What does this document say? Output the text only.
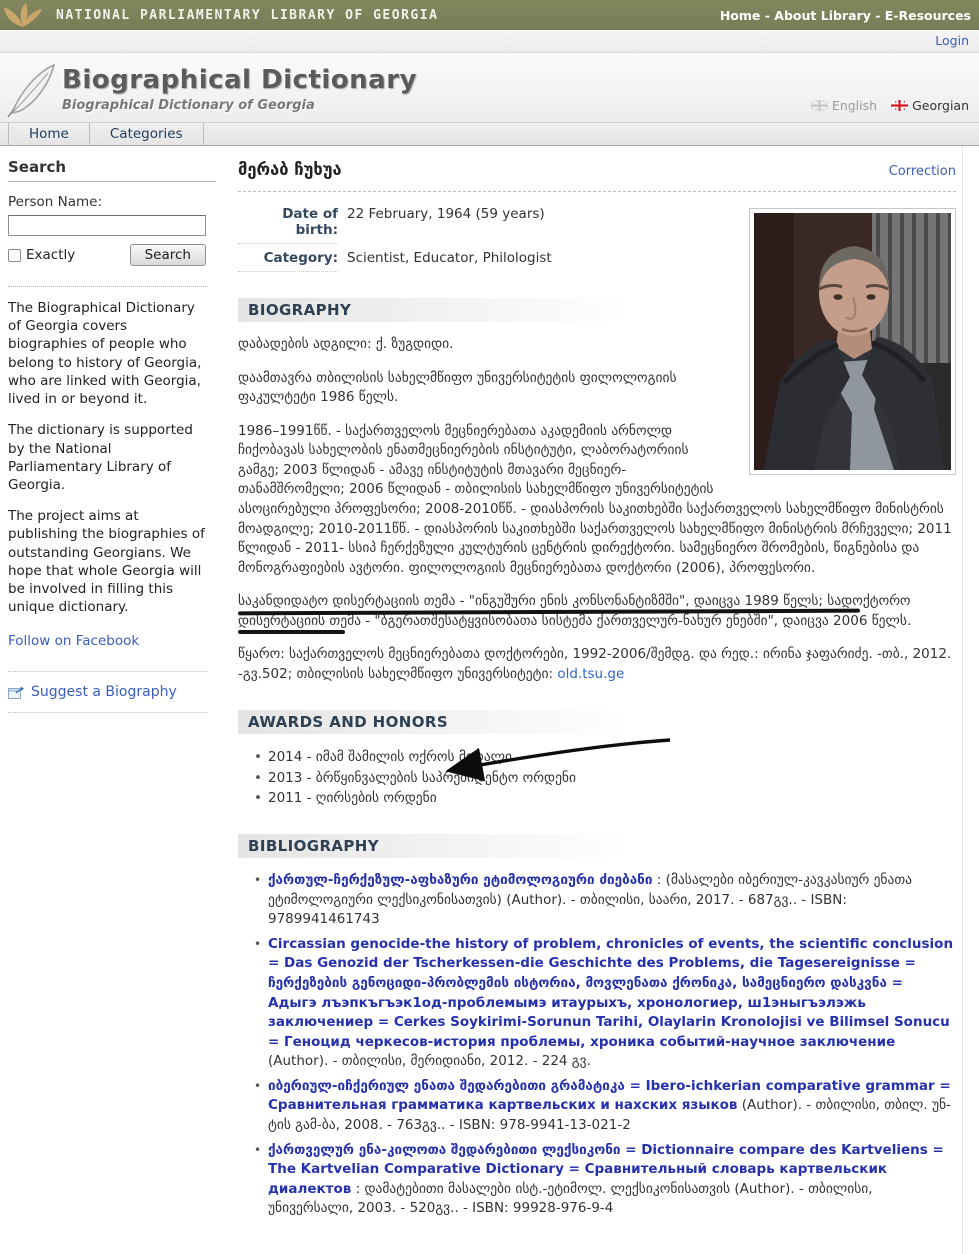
NATIONAL PARLIAMENTARY LIBRARY OF GEORGIA	Home - About Library - E-Resources
Login
Biographical Dictionary
Biographical Dictionary of Georgia	English	Georgian
Home	Categories
Search
Person Name:
Exactly	Search

The Biographical Dictionary of Georgia covers biographies of people who belong to history of Georgia, who are linked with Georgia, lived in or beyond it.

The dictionary is supported by the National Parliamentary Library of Georgia.

The project aims at publishing the biographies of outstanding Georgians. We hope that whole Georgia will be involved in filling this unique dictionary.

Follow on Facebook
Suggest a Biography
მერაბ ჩუხუა	Correction
Date of birth:
22 February, 1964 (59 years)
Category: Scientist, Educator, Philologist
BIOGRAPHY

დაბადების ადგილი: ქ. ზუგდიდი.

დაამთავრა თბილისის სახელმწიფო უნივერსიტეტის ფილოლოგიის ფაკულტეტი 1986 წელს.

1986–1991წწ. - საქართველოს მეცნიერებათა აკადემიის არნოლდ ჩიქობავას სახელობის ენათმეცნიერების ინსტიტუტი, ლაბორატორიის გამგე; 2003 წლიდან - ამავე ინსტიტუტის მთავარი მეცნიერ-თანამშრომელი; 2006 წლიდან - თბილისის სახელმწიფო უნივერსიტეტის ასოცირებული პროფესორი; 2008-2010წწ. - დიასპორის საკითხებში საქართველოს სახელმწიფო მინისტრის მოადგილე; 2010-2011წწ. - დიასპორის საკითხებში საქართველოს სახელმწიფო მინისტრის მრჩეველი; 2011 წლიდან - 2011- სსიპ ჩერქეზული კულტურის ცენტრის დირექტორი. სამეცნიერო შრომების, წიგნებისა და მონოგრაფიების ავტორი. ფილოლოგიის მეცნიერებათა დოქტორი (2006), პროფესორი.

საკანდიდატო დისერტაციის თემა - "ინგუშური ენის კონსონანტიზმში", დაიცვა 1989 წელს; სადოქტორო დისერტაციის თემა - "ბგერათშესატყვისობათა სისტემა ქართველურ-ნახურ ენებში", დაიცვა 2006 წელს.

წყარო: საქართველოს მეცნიერებათა დოქტორები, 1992-2006/შემდგ. და რედ.: ირინა ჯაფარიძე. -თბ., 2012. -გვ.502; თბილისის სახელმწიფო უნივერსიტეტი: old.tsu.ge

AWARDS AND HONORS
• 2014 - იმამ შამილის ოქროს მედალი
• 2013 - ბრწყინვალების საპრეზიდენტო ორდენი
• 2011 - ღირსების ორდენი
BIBLIOGRAPHY
• ქართულ-ჩერქეზულ-აფხაზური ეტიმოლოგიური ძიებანი : (მასალები იბერიულ-კავკასიურ ენათა ეტიმოლოგიური ლექსიკონისათვის) (Author). - თბილისი, საარი, 2017. - 687გვ.. - ISBN: 9789941461743
• Circassian genocide-the history of problem, chronicles of events, the scientific conclusion = Das Genozid der Tscherkessen-die Geschichte des Problems, die Tagesereignisse = ჩერქეზების გენოციდი-პრობლემის ისტორია, მოვლენათა ქრონიკა, სამეცნიერო დასკვნა = Адыгэ лъэпкъгъэк1од-проблемымэ итаурыхъ, хронологиер, ш1эныгъэлэжь заключениер = Cerkes Soykirimi-Sorunun Tarihi, Olaylarin Kronolojisi ve Bilimsel Sonucu = Геноцид черкесов-история проблемы, хроника событий-научное заключение (Author). - თბილისი, მერიდიანი, 2012. - 224 გვ.
• იბერიულ-იჩქერიულ ენათა შედარებითი გრამატიკა = Ibero-ichkerian comparative grammar = Сравнительная грамматика картвельских и нахских языков (Author). - თბილისი, თბილ. უნ-ტის გამ-ბა, 2008. - 763გვ.. - ISBN: 978-9941-13-021-2
• ქართველურ ენა-კილოთა შედარებითი ლექსიკონი = Dictionnaire compare des Kartveliens = The Kartvelian Comparative Dictionary = Сравнительный словарь картвельскик диалектов : დამატებითი მასალები ისტ.-ეტიმოლ. ლექსიკონისათვის (Author). - თბილისი, უნივერსალი, 2003. - 520გვ.. - ISBN: 99928-976-9-4
